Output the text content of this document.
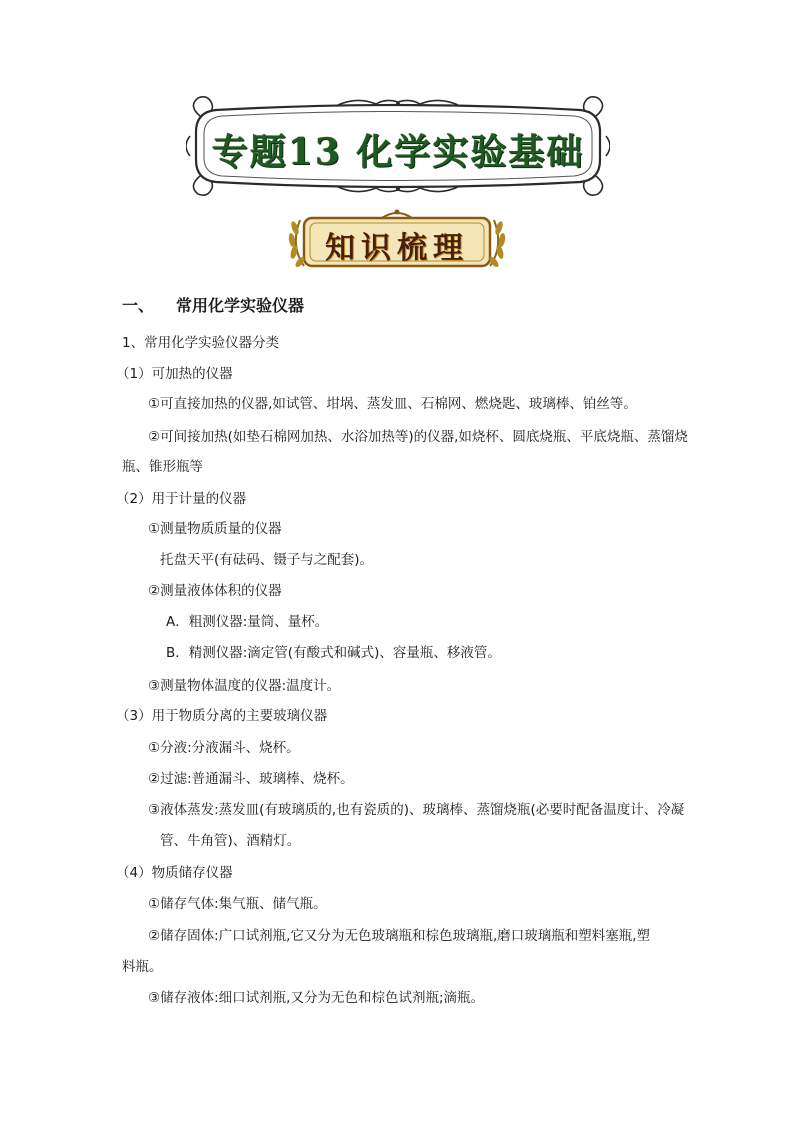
专题13 化学实验基础
知识梳理
一、 常用化学实验仪器
1、常用化学实验仪器分类
（1）可加热的仪器
①可直接加热的仪器,如试管、坩埚、蒸发皿、石棉网、燃烧匙、玻璃棒、铂丝等。
②可间接加热(如垫石棉网加热、水浴加热等)的仪器,如烧杯、圆底烧瓶、平底烧瓶、蒸馏烧
瓶、锥形瓶等
（2）用于计量的仪器
①测量物质质量的仪器
托盘天平(有砝码、镊子与之配套)。
②测量液体体积的仪器
A．粗测仪器:量筒、量杯。
B．精测仪器:滴定管(有酸式和碱式)、容量瓶、移液管。
③测量物体温度的仪器:温度计。
（3）用于物质分离的主要玻璃仪器
①分液:分液漏斗、烧杯。
②过滤:普通漏斗、玻璃棒、烧杯。
③液体蒸发:蒸发皿(有玻璃质的,也有瓷质的)、玻璃棒、蒸馏烧瓶(必要时配备温度计、冷凝
管、牛角管)、酒精灯。
（4）物质储存仪器
①储存气体:集气瓶、储气瓶。
②储存固体:广口试剂瓶,它又分为无色玻璃瓶和棕色玻璃瓶,磨口玻璃瓶和塑料塞瓶,塑
料瓶。
③储存液体:细口试剂瓶,又分为无色和棕色试剂瓶;滴瓶。
